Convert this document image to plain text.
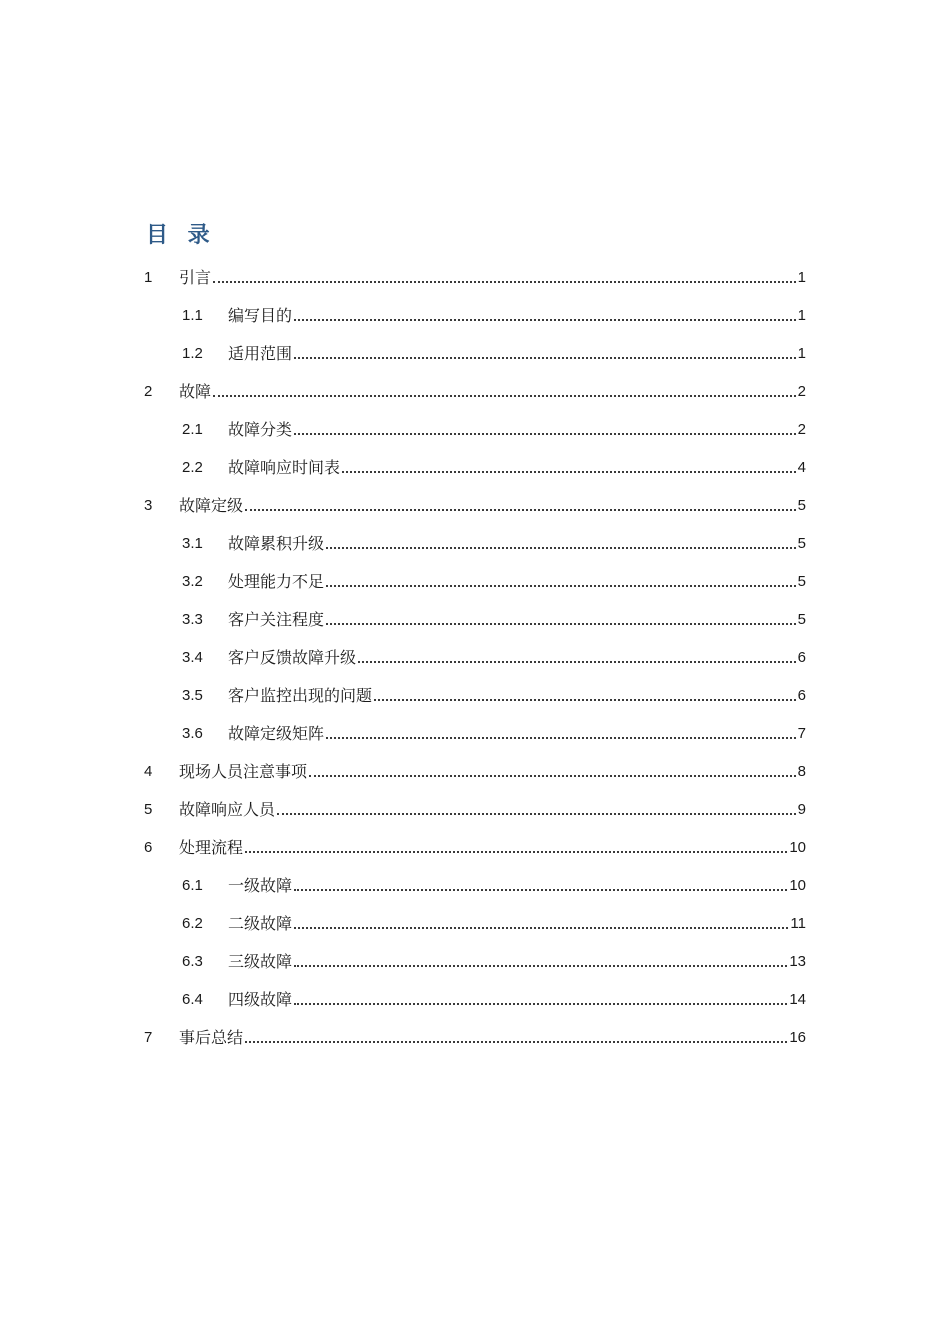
目 录
1 引言	1
1.1 编写目的	1
1.2 适用范围	1
2 故障	2
2.1 故障分类	2
2.2 故障响应时间表	4
3 故障定级	5
3.1 故障累积升级	5
3.2 处理能力不足	5
3.3 客户关注程度	5
3.4 客户反馈故障升级	6
3.5 客户监控出现的问题	6
3.6 故障定级矩阵	7
4 现场人员注意事项	8
5 故障响应人员	9
6 处理流程	10
6.1 一级故障	10
6.2 二级故障	11
6.3 三级故障	13
6.4 四级故障	14
7 事后总结	16
